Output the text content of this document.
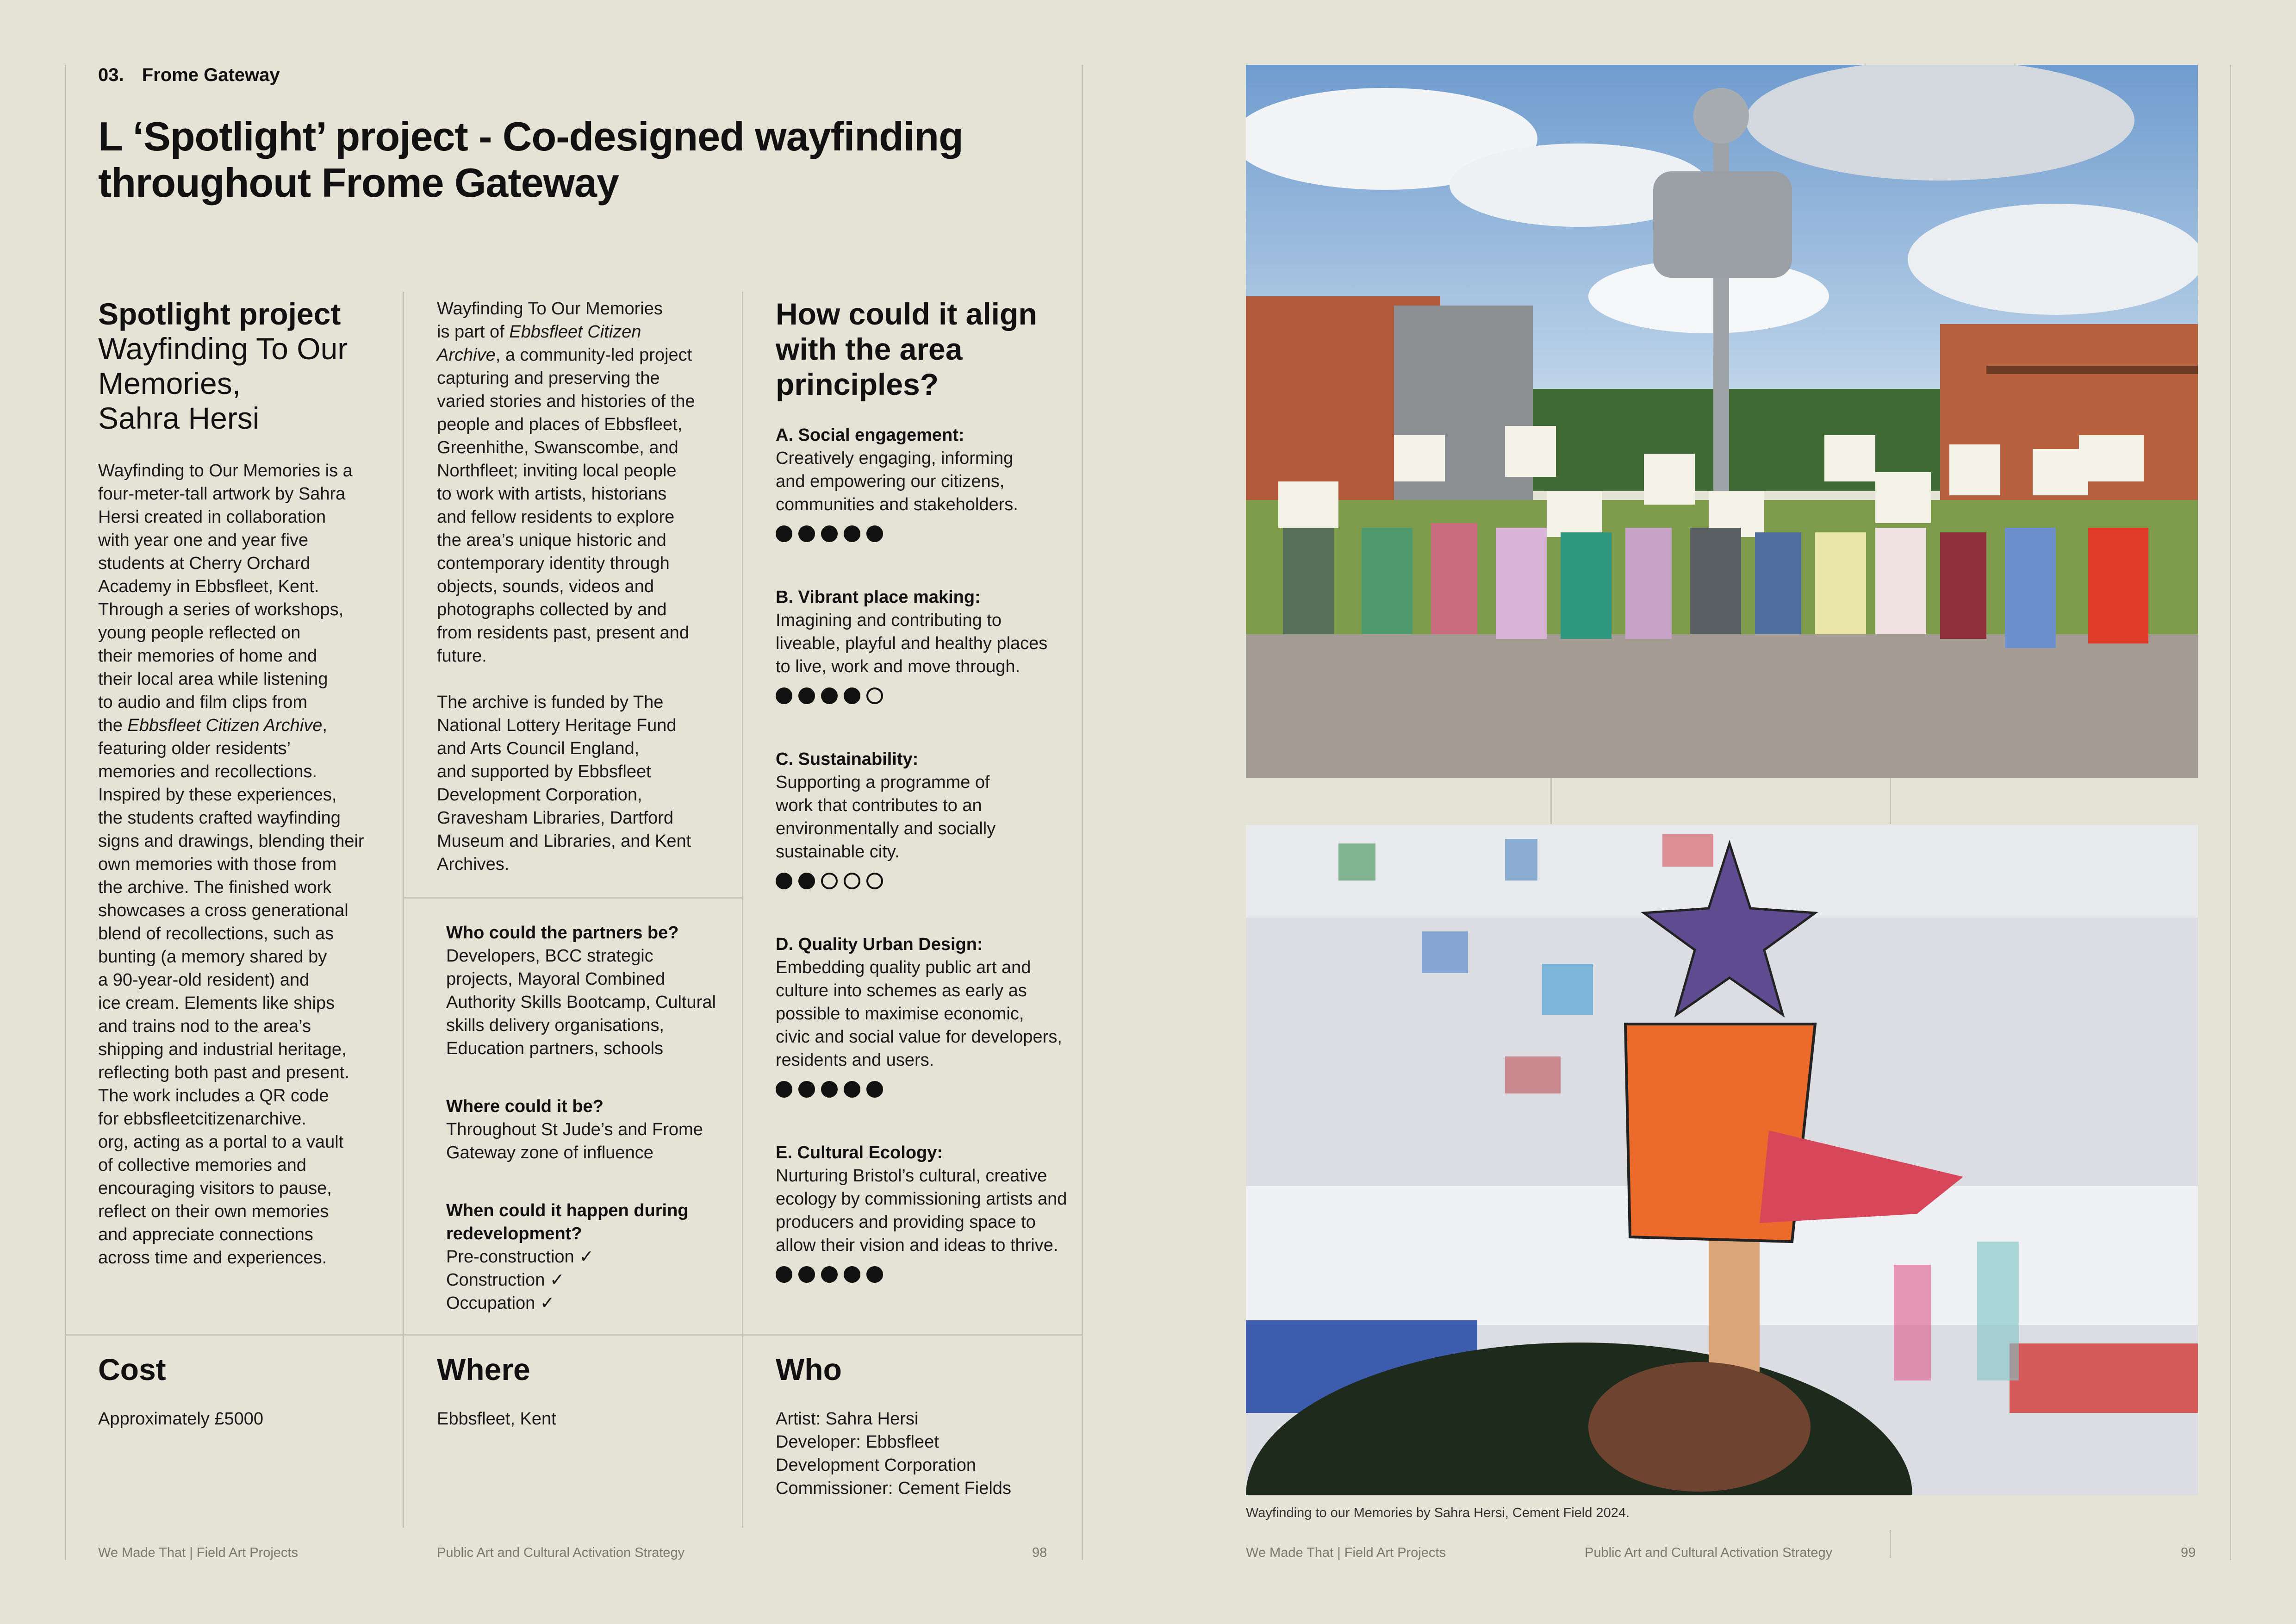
03. Frome Gateway
L ‘Spotlight’ project - Co-designed wayfinding
throughout Frome Gateway
Spotlight project
Wayfinding To Our
Memories,
Sahra Hersi
Wayfinding to Our Memories is a
four-meter-tall artwork by Sahra
Hersi created in collaboration
with year one and year five
students at Cherry Orchard
Academy in Ebbsfleet, Kent.
Through a series of workshops,
young people reflected on
their memories of home and
their local area while listening
to audio and film clips from
the Ebbsfleet Citizen Archive,
featuring older residents’
memories and recollections.
Inspired by these experiences,
the students crafted wayfinding
signs and drawings, blending their
own memories with those from
the archive. The finished work
showcases a cross generational
blend of recollections, such as
bunting (a memory shared by
a 90-year-old resident) and
ice cream. Elements like ships
and trains nod to the area’s
shipping and industrial heritage,
reflecting both past and present.
The work includes a QR code
for ebbsfleetcitizenarchive.
org, acting as a portal to a vault
of collective memories and
encouraging visitors to pause,
reflect on their own memories
and appreciate connections
across time and experiences.
Wayfinding To Our Memories
is part of Ebbsfleet Citizen
Archive, a community-led project
capturing and preserving the
varied stories and histories of the
people and places of Ebbsfleet,
Greenhithe, Swanscombe, and
Northfleet; inviting local people
to work with artists, historians
and fellow residents to explore
the area’s unique historic and
contemporary identity through
objects, sounds, videos and
photographs collected by and
from residents past, present and
future.
The archive is funded by The
National Lottery Heritage Fund
and Arts Council England,
and supported by Ebbsfleet
Development Corporation,
Gravesham Libraries, Dartford
Museum and Libraries, and Kent
Archives.
Who could the partners be?
Developers, BCC strategic
projects, Mayoral Combined
Authority Skills Bootcamp, Cultural
skills delivery organisations,
Education partners, schools
Where could it be?
Throughout St Jude’s and Frome
Gateway zone of influence
When could it happen during
redevelopment?
Pre-construction ✓
Construction ✓
Occupation ✓
How could it align
with the area
principles?
A. Social engagement:
Creatively engaging, informing
and empowering our citizens,
communities and stakeholders.
B. Vibrant place making:
Imagining and contributing to
liveable, playful and healthy places
to live, work and move through.
C. Sustainability:
Supporting a programme of
work that contributes to an
environmentally and socially
sustainable city.
D. Quality Urban Design:
Embedding quality public art and
culture into schemes as early as
possible to maximise economic,
civic and social value for developers,
residents and users.
E. Cultural Ecology:
Nurturing Bristol’s cultural, creative
ecology by commissioning artists and
producers and providing space to
allow their vision and ideas to thrive.
Cost
Approximately £5000
Where
Ebbsfleet, Kent
Who
Artist: Sahra Hersi
Developer: Ebbsfleet
Development Corporation
Commissioner: Cement Fields
We Made That | Field Art Projects	Public Art and Cultural Activation Strategy	98
Wayfinding to our Memories by Sahra Hersi, Cement Field 2024.
We Made That | Field Art Projects	Public Art and Cultural Activation Strategy	99
